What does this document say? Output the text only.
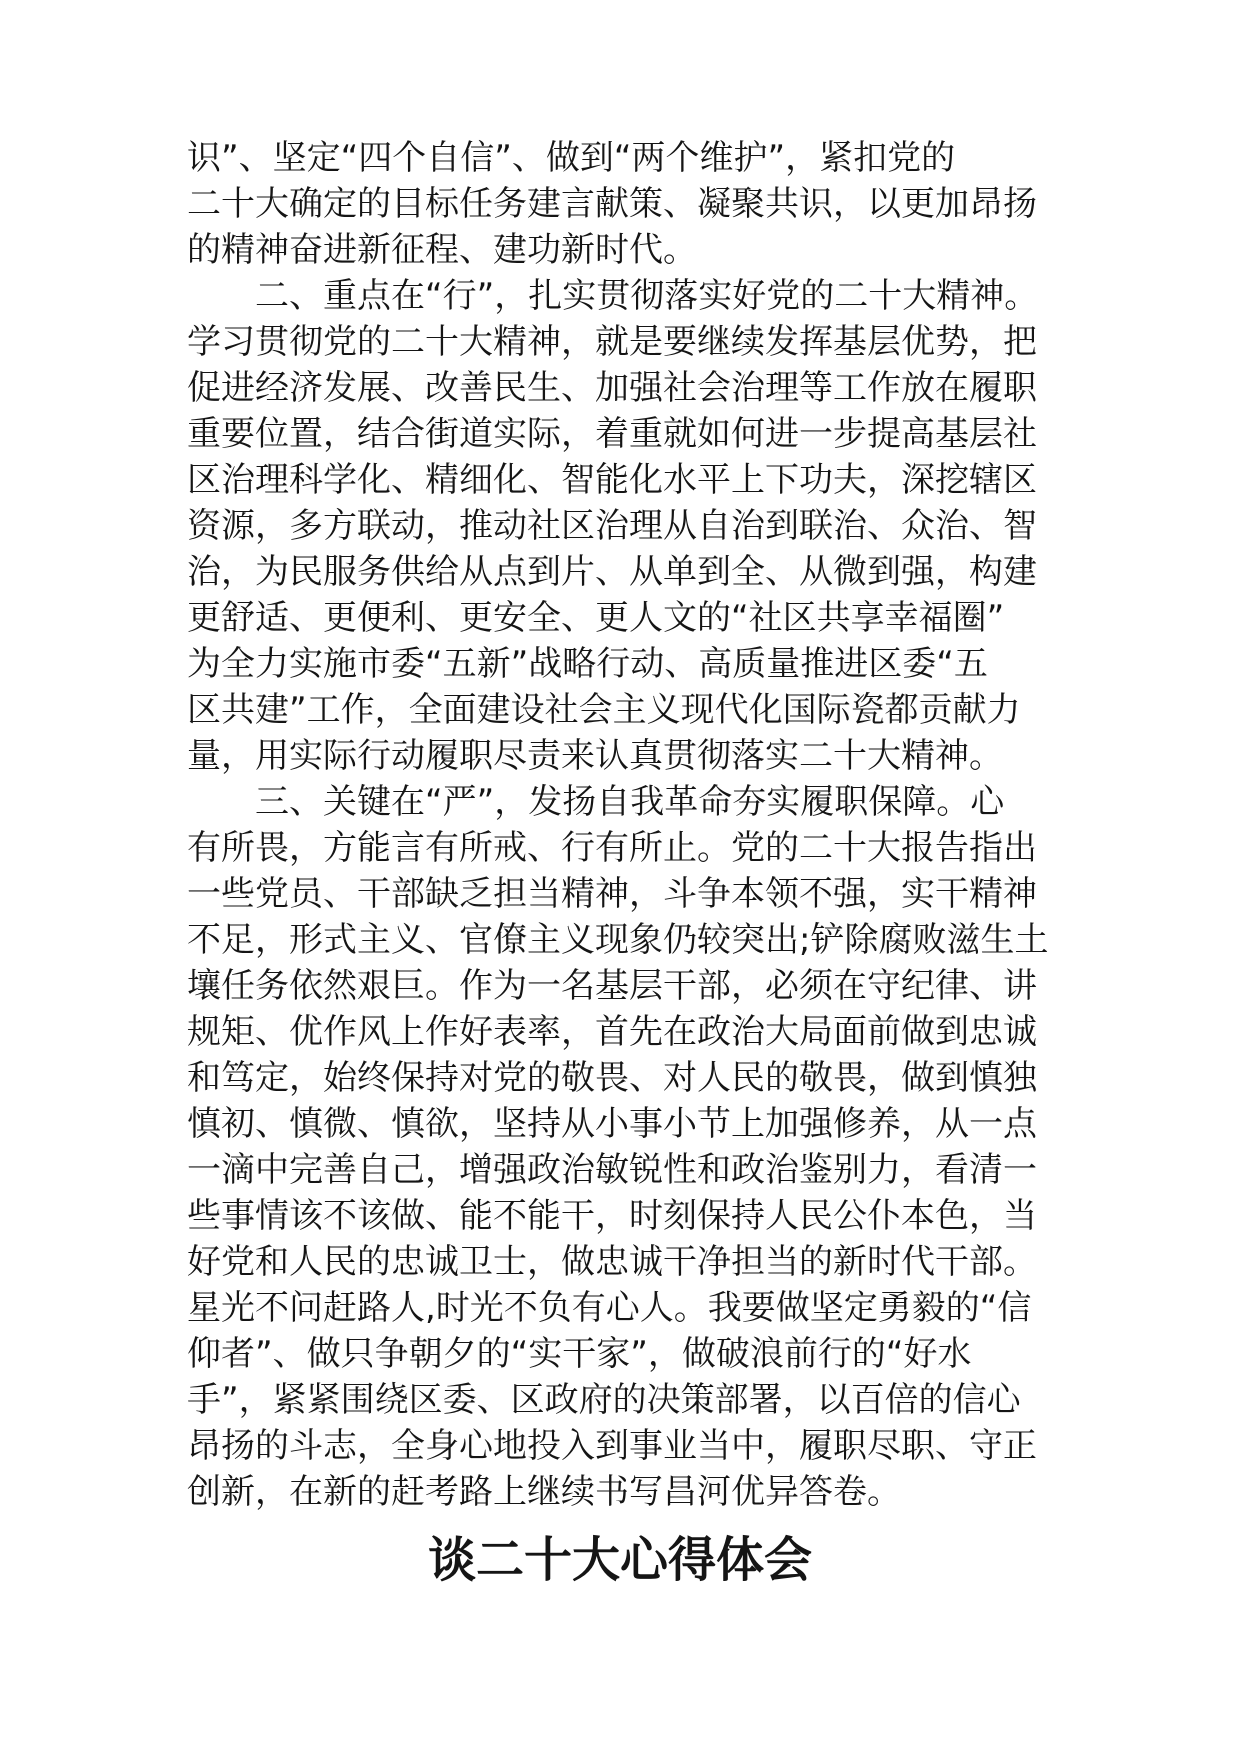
识”、坚定“四个自信”、做到“两个维护”，紧扣党的

二十大确定的目标任务建言献策、凝聚共识，以更加昂扬

的精神奋进新征程、建功新时代。

　　二、重点在“行”，扎实贯彻落实好党的二十大精神。

学习贯彻党的二十大精神，就是要继续发挥基层优势，把

促进经济发展、改善民生、加强社会治理等工作放在履职

重要位置，结合街道实际，着重就如何进一步提高基层社

区治理科学化、精细化、智能化水平上下功夫，深挖辖区

资源，多方联动，推动社区治理从自治到联治、众治、智

治，为民服务供给从点到片、从单到全、从微到强，构建

更舒适、更便利、更安全、更人文的“社区共享幸福圈”

为全力实施市委“五新”战略行动、高质量推进区委“五

区共建”工作，全面建设社会主义现代化国际瓷都贡献力

量，用实际行动履职尽责来认真贯彻落实二十大精神。

　　三、关键在“严”，发扬自我革命夯实履职保障。心

有所畏，方能言有所戒、行有所止。党的二十大报告指出

一些党员、干部缺乏担当精神，斗争本领不强，实干精神

不足，形式主义、官僚主义现象仍较突出;铲除腐败滋生土

壤任务依然艰巨。作为一名基层干部，必须在守纪律、讲

规矩、优作风上作好表率，首先在政治大局面前做到忠诚

和笃定，始终保持对党的敬畏、对人民的敬畏，做到慎独

慎初、慎微、慎欲，坚持从小事小节上加强修养，从一点

一滴中完善自己，增强政治敏锐性和政治鉴别力，看清一

些事情该不该做、能不能干，时刻保持人民公仆本色，当

好党和人民的忠诚卫士，做忠诚干净担当的新时代干部。

星光不问赶路人,时光不负有心人。我要做坚定勇毅的“信

仰者”、做只争朝夕的“实干家”，做破浪前行的“好水

手”，紧紧围绕区委、区政府的决策部署，以百倍的信心

昂扬的斗志，全身心地投入到事业当中，履职尽职、守正

创新，在新的赶考路上继续书写昌河优异答卷。

谈二十大心得体会
